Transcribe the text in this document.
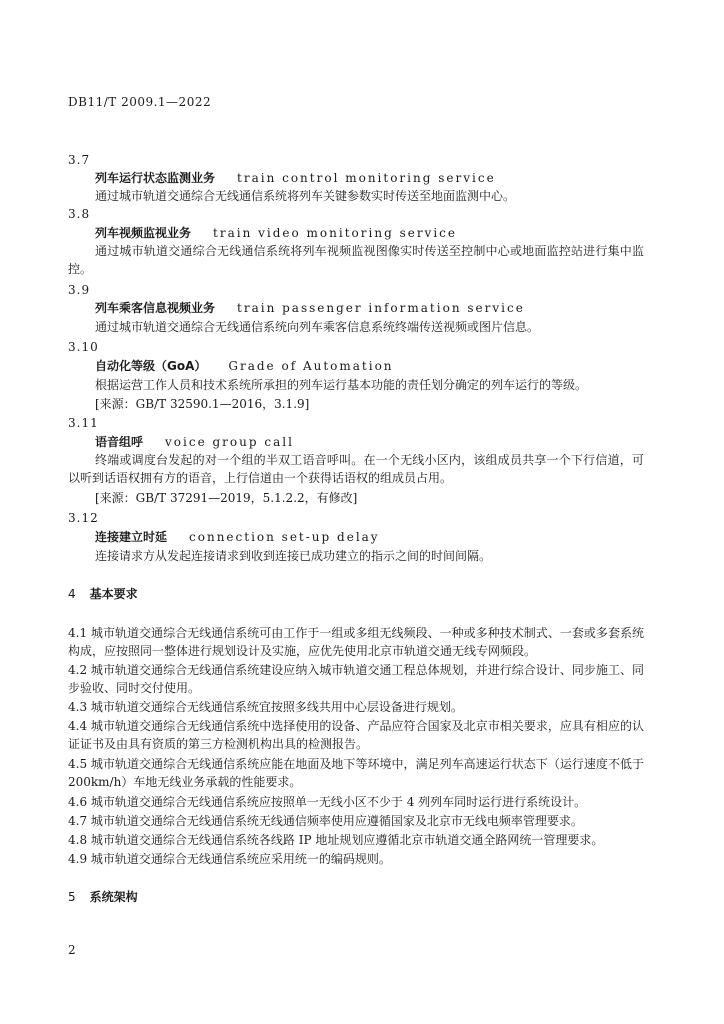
DB11/T 2009.1—2022
3.7
列车运行状态监测业务 train control monitoring service
通过城市轨道交通综合无线通信系统将列车关键参数实时传送至地面监测中心。
3.8
列车视频监视业务 train video monitoring service
通过城市轨道交通综合无线通信系统将列车视频监视图像实时传送至控制中心或地面监控站进行集中监控。
3.9
列车乘客信息视频业务 train passenger information service
通过城市轨道交通综合无线通信系统向列车乘客信息系统终端传送视频或图片信息。
3.10
自动化等级（GoA） Grade of Automation
根据运营工作人员和技术系统所承担的列车运行基本功能的责任划分确定的列车运行的等级。
[来源：GB/T 32590.1—2016，3.1.9]
3.11
语音组呼 voice group call
终端或调度台发起的对一个组的半双工语音呼叫。在一个无线小区内，该组成员共享一个下行信道，可以听到话语权拥有方的语音，上行信道由一个获得话语权的组成员占用。
[来源：GB/T 37291—2019，5.1.2.2，有修改]
3.12
连接建立时延 connection set-up delay
连接请求方从发起连接请求到收到连接已成功建立的指示之间的时间间隔。
4 基本要求
4.1 城市轨道交通综合无线通信系统可由工作于一组或多组无线频段、一种或多种技术制式、一套或多套系统构成，应按照同一整体进行规划设计及实施，应优先使用北京市轨道交通无线专网频段。
4.2 城市轨道交通综合无线通信系统建设应纳入城市轨道交通工程总体规划，并进行综合设计、同步施工、同步验收、同时交付使用。
4.3 城市轨道交通综合无线通信系统宜按照多线共用中心层设备进行规划。
4.4 城市轨道交通综合无线通信系统中选择使用的设备、产品应符合国家及北京市相关要求，应具有相应的认证证书及由具有资质的第三方检测机构出具的检测报告。
4.5 城市轨道交通综合无线通信系统应能在地面及地下等环境中，满足列车高速运行状态下（运行速度不低于 200km/h）车地无线业务承载的性能要求。
4.6 城市轨道交通综合无线通信系统应按照单一无线小区不少于 4 列列车同时运行进行系统设计。
4.7 城市轨道交通综合无线通信系统无线通信频率使用应遵循国家及北京市无线电频率管理要求。
4.8 城市轨道交通综合无线通信系统各线路 IP 地址规划应遵循北京市轨道交通全路网统一管理要求。
4.9 城市轨道交通综合无线通信系统应采用统一的编码规则。
5 系统架构
2
